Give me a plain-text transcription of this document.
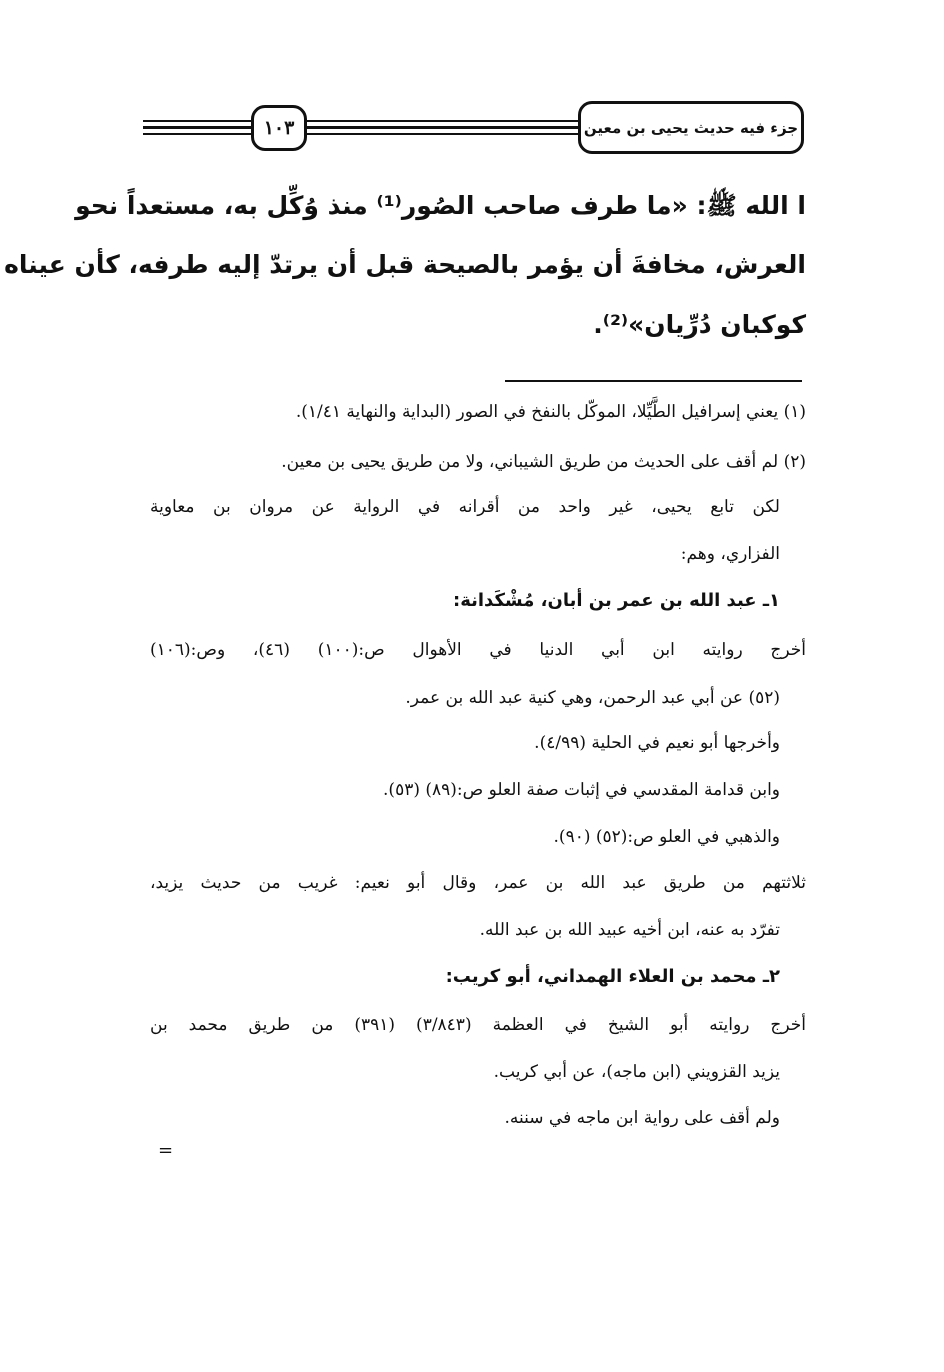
١٠٣	جزء فيه حديث يحيى بن معين
ا الله ﷺ: «ما طرف صاحب الصُور⁽¹⁾ منذ وُكِّل به، مستعداً نحو
العرش، مخافةَ أن يؤمر بالصيحة قبل أن يرتدّ إليه طرفه، كأن عيناه
كوكبان دُرِّيان»⁽²⁾.
(١) يعني إسرافيل الطَّيِّلا، الموكّل بالنفخ في الصور (البداية والنهاية ١/٤١).
(٢) لم أقف على الحديث من طريق الشيباني، ولا من طريق يحيى بن معين.
لكن تابع يحيى، غير واحد من أقرانه في الرواية عن مروان بن معاوية
الفزاري، وهم:
١ـ عبد الله بن عمر بن أبان، مُشْكَدانة:
أخرج روايته ابن أبي الدنيا في الأهوال ص:(١٠٠) (٤٦)، وص:(١٠٦)
(٥٢) عن أبي عبد الرحمن، وهي كنية عبد الله بن عمر.
وأخرجها أبو نعيم في الحلية (٤/٩٩).
وابن قدامة المقدسي في إثبات صفة العلو ص:(٨٩) (٥٣).
والذهبي في العلو ص:(٥٢) (٩٠).
ثلاثتهم من طريق عبد الله بن عمر، وقال أبو نعيم: غريب من حديث يزيد،
تفرّد به عنه، ابن أخيه عبيد الله بن عبد الله.
٢ـ محمد بن العلاء الهمداني، أبو كريب:
أخرج روايته أبو الشيخ في العظمة (٣/٨٤٣) (٣٩١) من طريق محمد بن
يزيد القزويني (ابن ماجه)، عن أبي كريب.
ولم أقف على رواية ابن ماجه في سننه.
=
